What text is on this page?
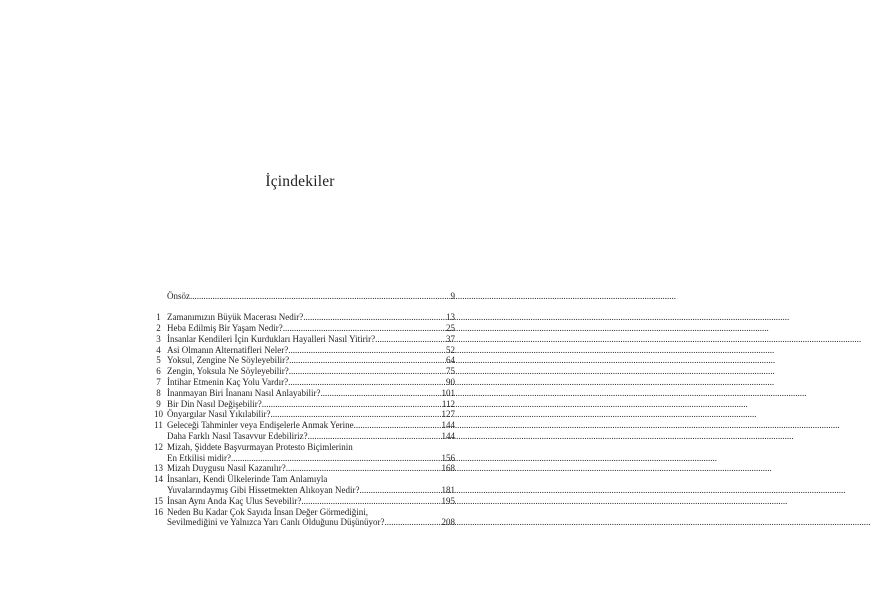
İçindekiler
Önsöz .....	9
1 Zamanımızın Büyük Macerası Nedir? .....	13
2 Heba Edilmiş Bir Yaşam Nedir? .....	25
3 İnsanlar Kendileri İçin Kurdukları Hayalleri Nasıl Yitirir? .....	37
4 Asi Olmanın Alternatifleri Neler? .....	52
5 Yoksul, Zengine Ne Söyleyebilir? .....	64
6 Zengin, Yoksula Ne Söyleyebilir? .....	75
7 İntihar Etmenin Kaç Yolu Vardır? .....	90
8 İnanmayan Biri İnananı Nasıl Anlayabilir? .....	101
9 Bir Din Nasıl Değişebilir? .....	112
10 Önyargılar Nasıl Yıkılabilir? .....	127
11 Geleceği Tahminler veya Endişelerle Anmak Yerine .....	144
Daha Farklı Nasıl Tasavvur Edebiliriz? .....	144
12 Mizah, Şiddete Başvurmayan Protesto Biçimlerinin
En Etkilisi midir? .....	156
13 Mizah Duygusu Nasıl Kazanılır? .....	168
14 İnsanları, Kendi Ülkelerinde Tam Anlamıyla
Yuvalarındaymış Gibi Hissetmekten Alıkoyan Nedir? .....	181
15 İnsan Aynı Anda Kaç Ulus Sevebilir? .....	195
16 Neden Bu Kadar Çok Sayıda İnsan Değer Görmediğini,
Sevilmediğini ve Yalnızca Yarı Canlı Olduğunu Düşünüyor? .....	208
